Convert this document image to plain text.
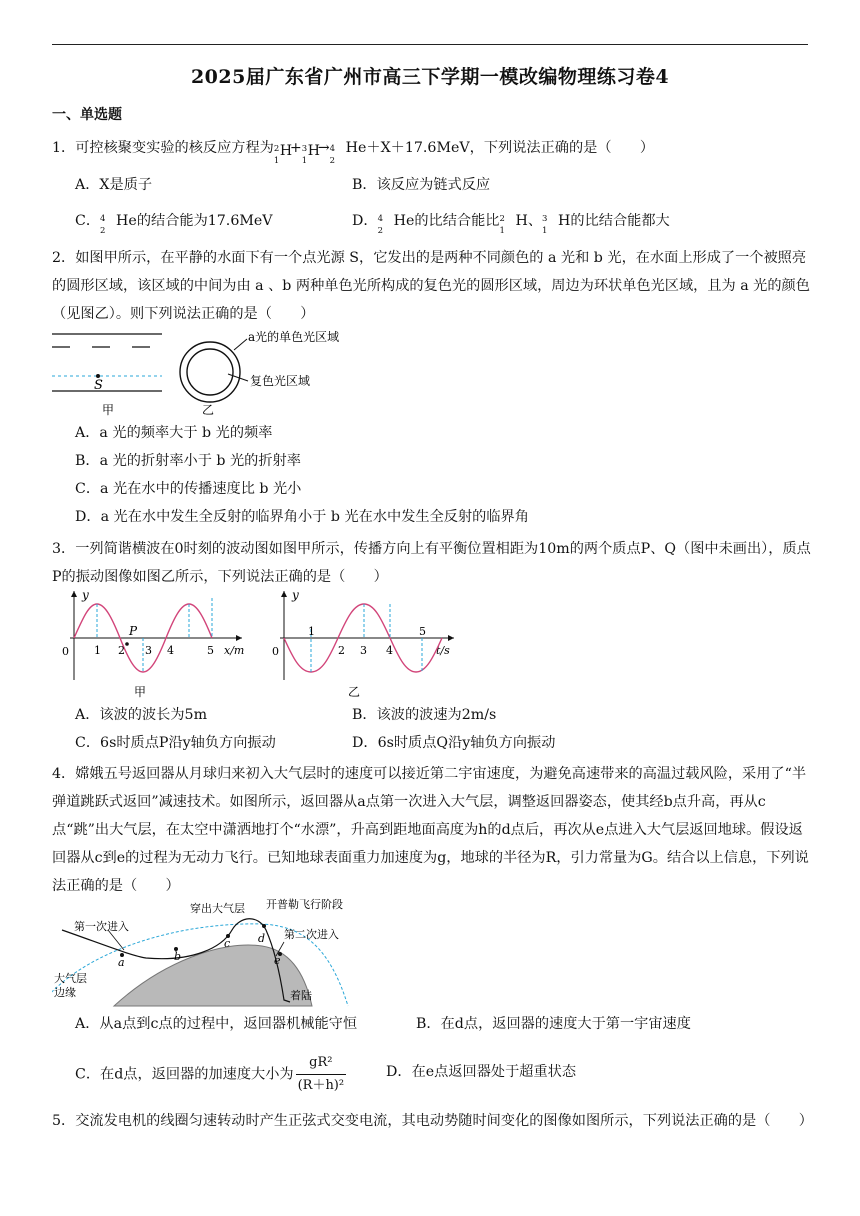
2025届广东省广州市高三下学期一模改编物理练习卷4
一、单选题
1．可控核聚变实验的核反应方程为 2
1
H
+ 3
1
H
→ 4
2

He＋X＋17.6MeV，下列说法正确的是（　　）
A．X是质子	B．该反应为链式反应
C． 4
2

He的结合能为17.6MeV	D． 4
2

He的比结合能比 2
1

H、 3
1

H的比结合能都大
2．如图甲所示，在平静的水面下有一个点光源 S，它发出的是两种不同颜色的 a 光和 b 光，在水面上形成了一个被照亮的圆形区域，该区域的中间为由 a 、b 两种单色光所构成的复色光的圆形区域，周边为环状单色光区域，且为 a 光的颜色（见图乙）。则下列说法正确的是（　　）
S
甲	乙
a光的单色光区域
复色光区域
A．a 光的频率大于 b 光的频率
B．a 光的折射率小于 b 光的折射率
C．a 光在水中的传播速度比 b 光小
D．a 光在水中发生全反射的临界角小于 b 光在水中发生全反射的临界角
3．一列简谐横波在0时刻的波动图如图甲所示，传播方向上有平衡位置相距为10m的两个质点P、Q（图中未画出），质点P的振动图像如图乙所示，下列说法正确的是（　　）
y
x/m
P
0 1 2 3 4	5
甲
y
t/s
0
1
2 3 4
5
乙
A．该波的波长为5m	B．该波的波速为2m/s
C．6s时质点P沿y轴负方向振动	D．6s时质点Q沿y轴负方向振动
4．嫦娥五号返回器从月球归来初入大气层时的速度可以接近第二宇宙速度，为避免高速带来的高温过载风险，采用了“半弹道跳跃式返回”减速技术。如图所示，返回器从a点第一次进入大气层，调整返回器姿态，使其经b点升高，再从c点“跳”出大气层，在太空中潇洒地打个“水漂”，升高到距地面高度为h的d点后，再次从e点进入大气层返回地球。假设返回器从c到e的过程为无动力飞行。已知地球表面重力加速度为g，地球的半径为R，引力常量为G。结合以上信息，下列说法正确的是（　　）
a	b
c	d
e
第一次进入
穿出大气层 开普勒飞行阶段
第二次进入
大气层
边缘	着陆
A．从a点到c点的过程中，返回器机械能守恒	B．在d点，返回器的速度大于第一宇宙速度
C．在d点，返回器的加速度大小为 $\frac{\text{gR²}}{\text{(R＋h)²}}$	D．在e点返回器处于超重状态
5．交流发电机的线圈匀速转动时产生正弦式交变电流，其电动势随时间变化的图像如图所示，下列说法正确的是（　　）
